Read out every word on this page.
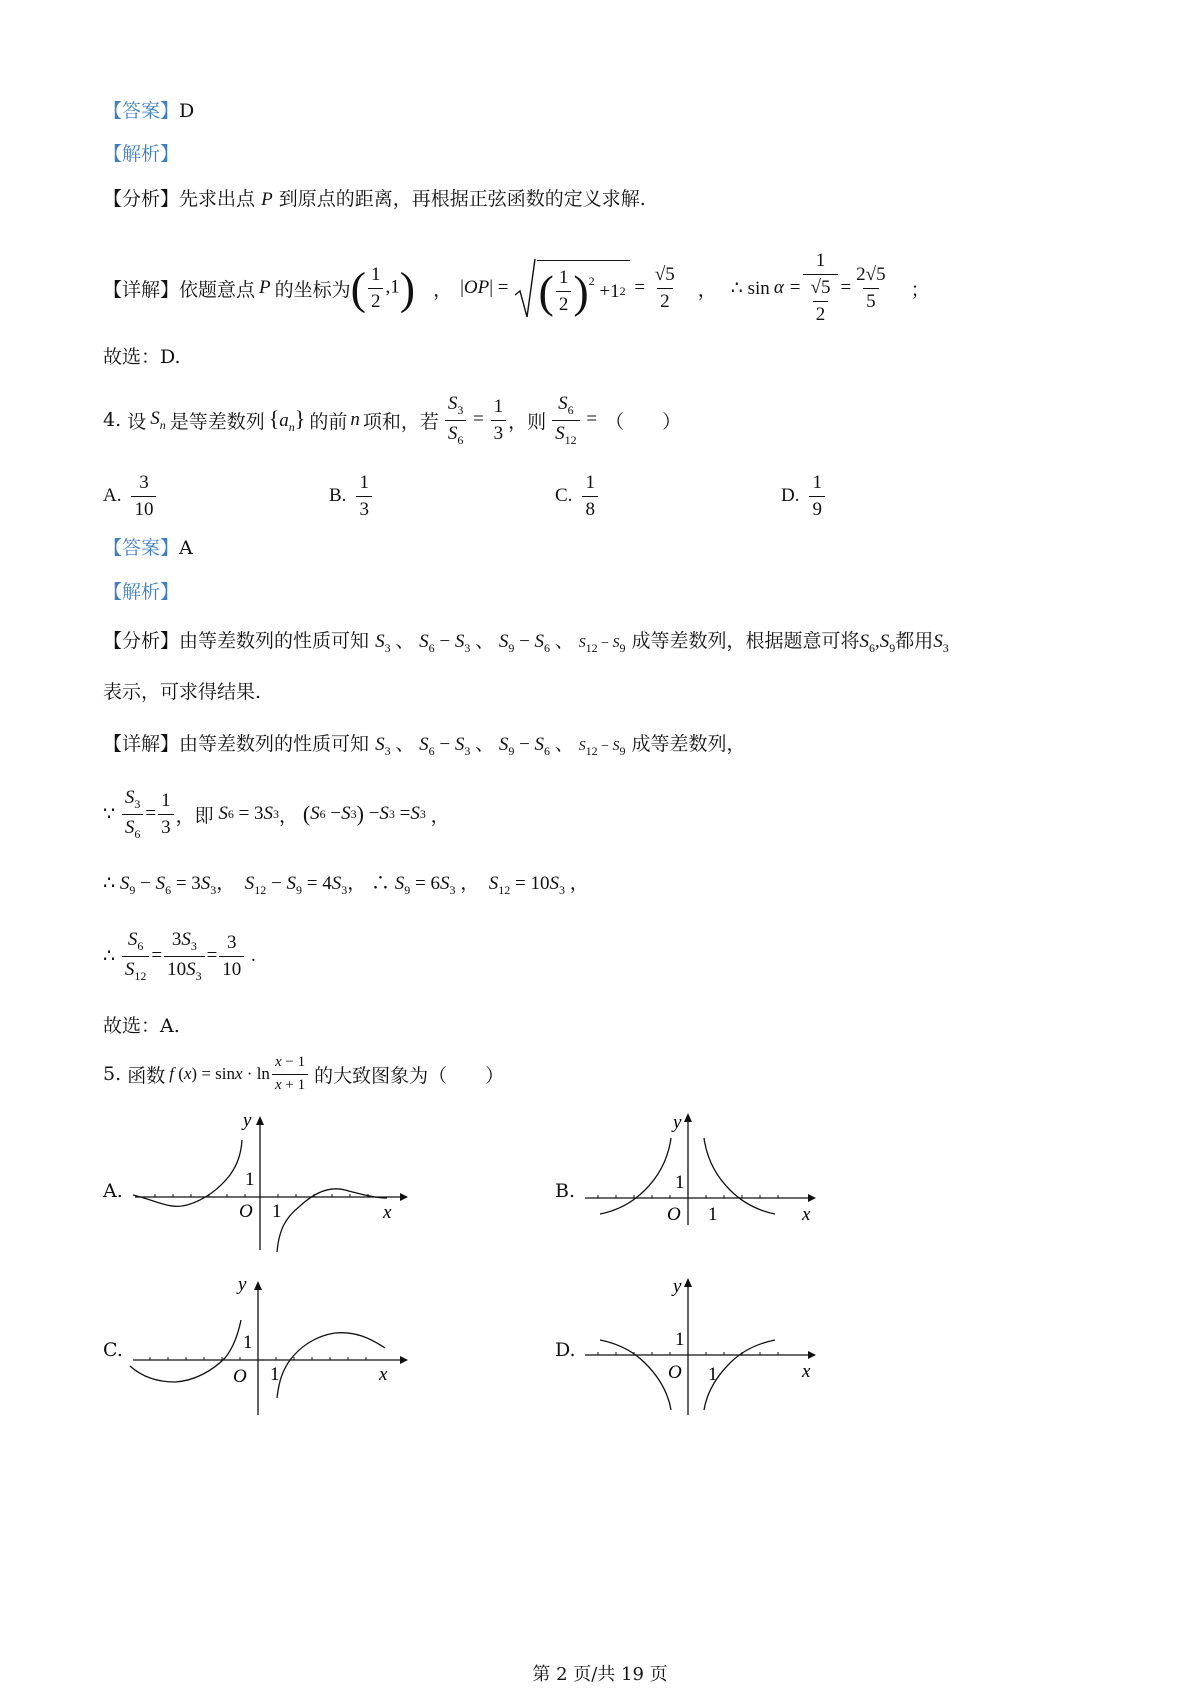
【答案】D
【解析】
【分析】先求出点 P 到原点的距离，再根据正弦函数的定义求解.
【详解】 依题意点 P 的坐标为 ( $\frac{1}{2} ,1$) ， | OP | = ( $\frac{1}{2} )^2 +1_2 = \frac{√5}{2}$ ， ∴ $\sin \alpha = \frac{1}{\frac{√5}{2}} = \frac{2√5}{5}$ ；
故选：D.
4.
设 $S_n$ 是等差数列 $\{a_n\}$ 的前 n 项和，若 $\frac{S_3}{S_6} = \frac{1}{3}$ ，则 $\frac{S_6}{S_{12}}$ = （　　）
A. $\frac{3}{10}$	B. $\frac{1}{3}$	C. $\frac{1}{8}$	D. $\frac{1}{9}$
【答案】A
【解析】
【分析】由等差数列的性质可知 $S_3$ 、 $S_6 - S_3$ 、 $S_9 - S_6$ 、 S12 − S9 成等差数列，根据题意可将$S_6,S_9$都用$S_3$
表示，可求得结果.
【详解】由等差数列的性质可知 $S_3$ 、 $S_6 - S_3$ 、 $S_9 - S_6$ 、 S12 − S9 成等差数列，
∵ $\frac{S_3}{S_6} = \frac{1}{3}$ ，即
S 6 = 3 S 3 ， ( S 6 − S 3 ) − S 3 = S 3 ，
∴ $S_9 - S_6 = 3S_3$，  $S_{12} - S_9 = 4S_3$， ∴ $S_9 = 6S_3$ ，  $S_{12} = 10S_3$ ，
∴ $\frac{S_6}{S_{12}} = \frac{3S_3}{10S_3} = \frac{3}{10}$ .
故选：A.
5.
函数 f ( x ) = $\sin x \cdot \ln \frac{x - 1}{x + 1}$ 的大致图象为（　　）
A.
y
x
O
1
1
B.
y
x
O
1
1
C.
y
x
O
1
1
D.
y
x
O
1
1
第 2 页/共 19 页
